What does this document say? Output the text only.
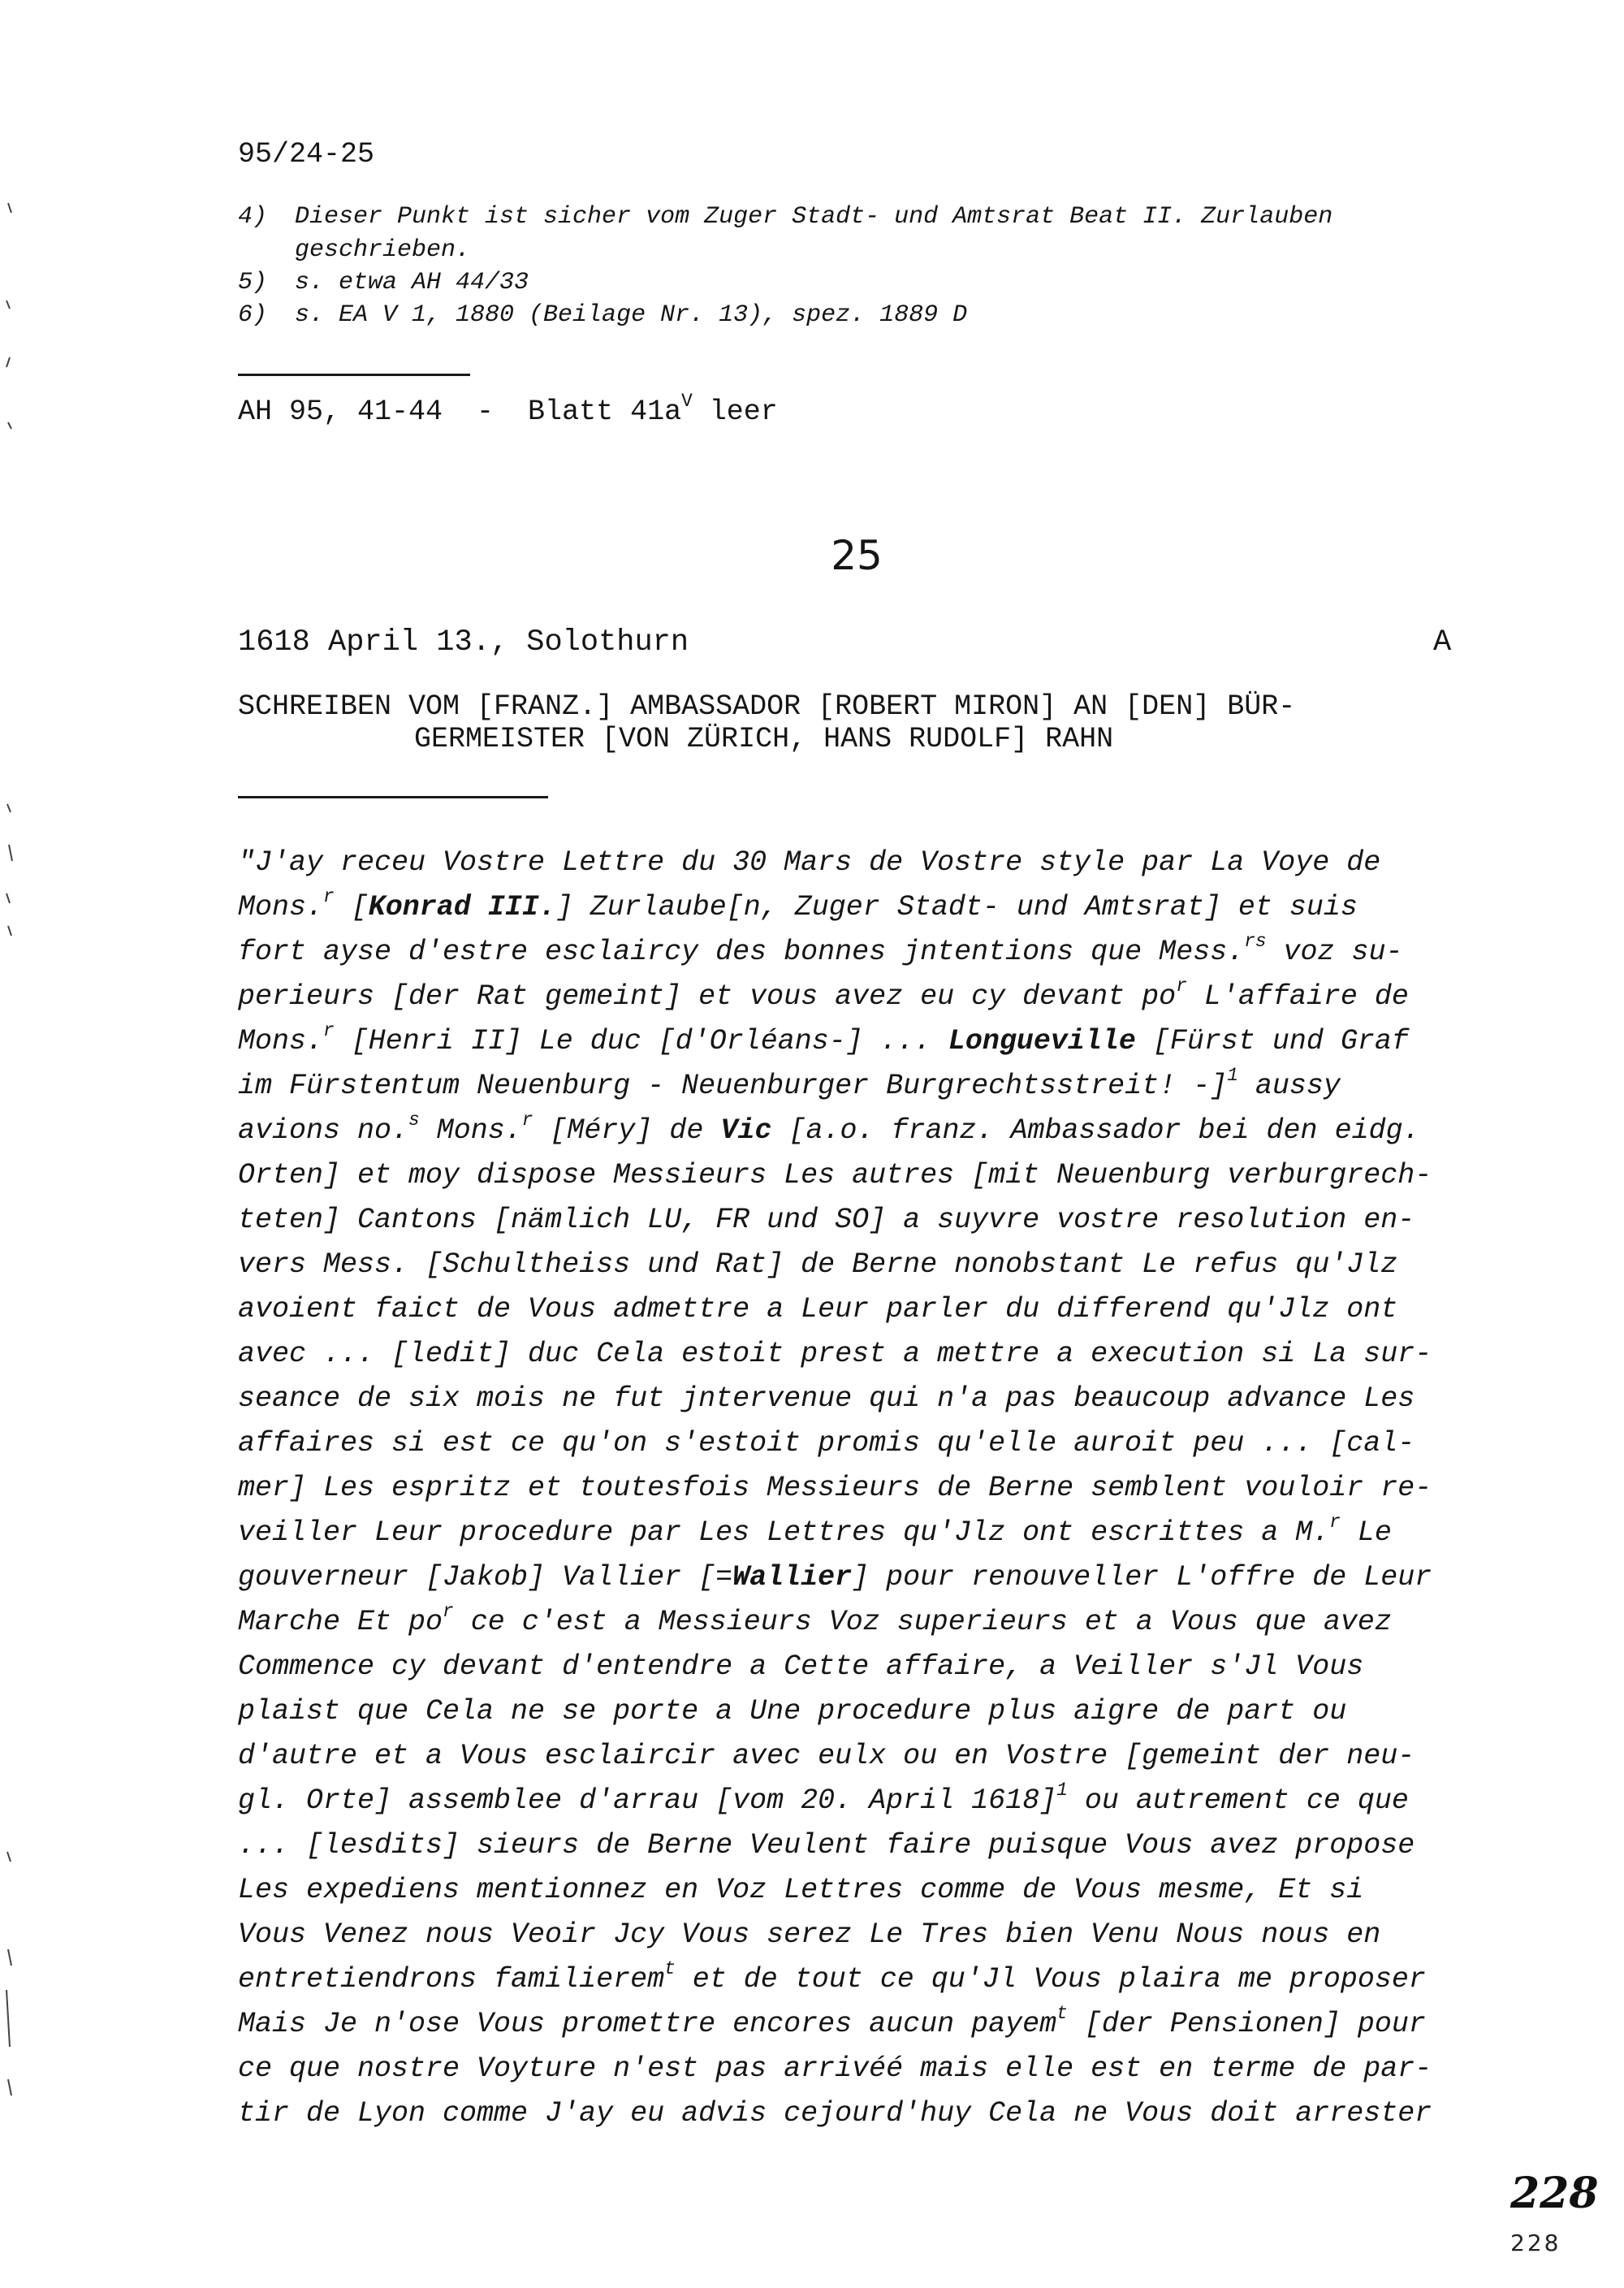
95/24-25
4) Dieser Punkt ist sicher vom Zuger Stadt- und Amtsrat Beat II. Zurlauben
geschrieben.
5) s. etwa AH 44/33
6) s. EA V 1, 1880 (Beilage Nr. 13), spez. 1889 D
AH 95, 41-44  -  Blatt $41a^V$ leer
25
1618 April 13., Solothurn	A
SCHREIBEN VOM [FRANZ.] AMBASSADOR [ROBERT MIRON] AN [DEN] BÜR-
GERMEISTER [VON ZÜRICH, HANS RUDOLF] RAHN
"J'ay receu Vostre Lettre du 30 Mars de Vostre style par La Voye de
Mons.$^r$ [Konrad III.] Zurlaube[n, Zuger Stadt- und Amtsrat] et suis
fort ayse d'estre esclaircy des bonnes jntentions que Mess.$^{rs}$ voz su-
perieurs [der Rat gemeint] et vous avez eu cy devant $po^r$ L'affaire de
Mons.$^r$ [Henri II] Le duc [d'Orléans-] ... Longueville [Fürst und Graf
im Fürstentum Neuenburg - Neuenburger Burgrechtsstreit! -]$^1$ aussy
avions no.$^s$ Mons.$^r$ [Méry] de Vic [a.o. franz. Ambassador bei den eidg.
Orten] et moy dispose Messieurs Les autres [mit Neuenburg verburgrech-
teten] Cantons [nämlich LU, FR und SO] a suyvre vostre resolution en-
vers Mess. [Schultheiss und Rat] de Berne nonobstant Le refus qu'Jlz
avoient faict de Vous admettre a Leur parler du differend qu'Jlz ont
avec ... [ledit] duc Cela estoit prest a mettre a execution si La sur-
seance de six mois ne fut jntervenue qui n'a pas beaucoup advance Les
affaires si est ce qu'on s'estoit promis qu'elle auroit peu ... [cal-
mer] Les espritz et toutesfois Messieurs de Berne semblent vouloir re-
veiller Leur procedure par Les Lettres qu'Jlz ont escrittes a M.$^r$ Le
gouverneur [Jakob] Vallier [=Wallier] pour renouveller L'offre de Leur
Marche Et $po^r$ ce c'est a Messieurs Voz superieurs et a Vous que avez
Commence cy devant d'entendre a Cette affaire, a Veiller s'Jl Vous
plaist que Cela ne se porte a Une procedure plus aigre de part ou
d'autre et a Vous esclaircir avec eulx ou en Vostre [gemeint der neu-
gl. Orte] assemblee d'arrau [vom 20. April 1618]$^1$ ou autrement ce que
... [lesdits] sieurs de Berne Veulent faire puisque Vous avez propose
Les expediens mentionnez en Voz Lettres comme de Vous mesme, Et si
Vous Venez nous Veoir Jcy Vous serez Le Tres bien Venu Nous nous en
entretiendrons familierem$^t$ et de tout ce qu'Jl Vous plaira me proposer
Mais Je n'ose Vous promettre encores aucun payem$^t$ [der Pensionen] pour
ce que nostre Voyture n'est pas arrivéé mais elle est en terme de par-
tir de Lyon comme J'ay eu advis cejourd'huy Cela ne Vous doit arrester
228
228
